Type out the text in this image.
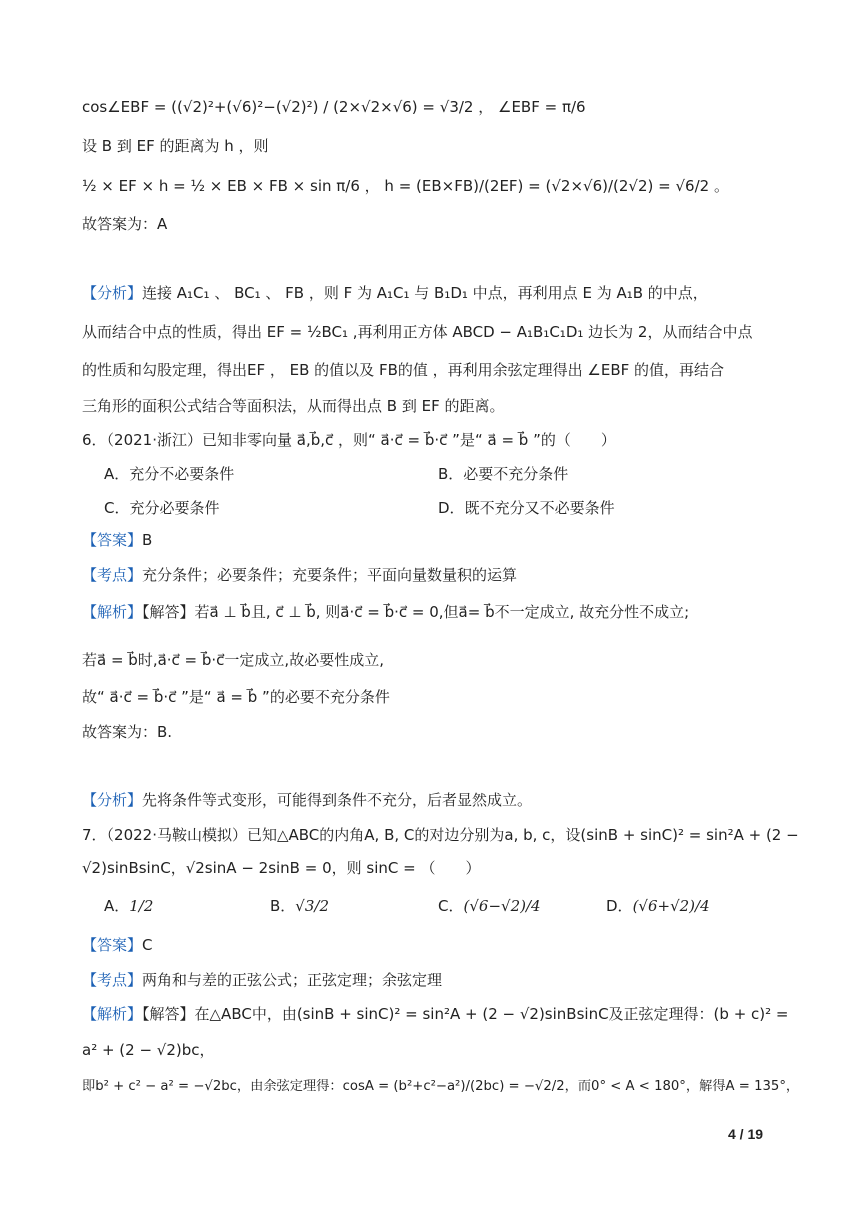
cos∠EBF = ((√2)²+(√6)²−(√2)²) / (2×√2×√6) = √3/2 ， ∠EBF = π/6
设 B 到 EF 的距离为 h ，则
½ × EF × h = ½ × EB × FB × sin π/6 ， h = (EB×FB)/(2EF) = (√2×√6)/(2√2) = √6/2 。
故答案为：A
【分析】连接 A₁C₁ 、 BC₁ 、 FB ，则 F 为 A₁C₁ 与 B₁D₁ 中点，再利用点 E 为 A₁B 的中点，
从而结合中点的性质，得出 EF = ½BC₁ ,再利用正方体 ABCD − A₁B₁C₁D₁ 边长为 2，从而结合中点
的性质和勾股定理，得出EF ， EB 的值以及 FB的值 ，再利用余弦定理得出 ∠EBF 的值，再结合
三角形的面积公式结合等面积法，从而得出点 B 到 EF 的距离。
6．（2021·浙江）已知非零向量 a⃗,b⃗,c⃗ ，则“ a⃗·c⃗ = b⃗·c⃗ ”是“ a⃗ = b⃗ ”的（　　）
A．充分不必要条件	B．必要不充分条件
C．充分必要条件	D．既不充分又不必要条件
【答案】B
【考点】充分条件；必要条件；充要条件；平面向量数量积的运算
【解析】【解答】若a⃗ ⊥ b⃗且, c⃗ ⊥ b⃗, 则a⃗·c⃗ = b⃗·c⃗ = 0,但a⃗= b⃗不一定成立, 故充分性不成立;
若a⃗ = b⃗时,a⃗·c⃗ = b⃗·c⃗一定成立,故必要性成立,
故“ a⃗·c⃗ = b⃗·c⃗ ”是“ a⃗ = b⃗ ”的必要不充分条件
故答案为：B.
【分析】先将条件等式变形，可能得到条件不充分，后者显然成立。
7．（2022·马鞍山模拟）已知△ABC的内角A, B, C的对边分别为a, b, c，设(sinB + sinC)² = sin²A + (2 −
√2)sinBsinC，√2sinA − 2sinB = 0，则 sinC = （　　）
A．1/2	B．√3/2	C．(√6−√2)/4	D．(√6+√2)/4
【答案】C
【考点】两角和与差的正弦公式；正弦定理；余弦定理
【解析】【解答】在△ABC中，由(sinB + sinC)² = sin²A + (2 − √2)sinBsinC及正弦定理得：(b + c)² =
a² + (2 − √2)bc，
即b² + c² − a² = −√2bc，由余弦定理得：cosA = (b²+c²−a²)/(2bc) = −√2/2，而0° < A < 180°，解得A = 135°，
4 / 19
